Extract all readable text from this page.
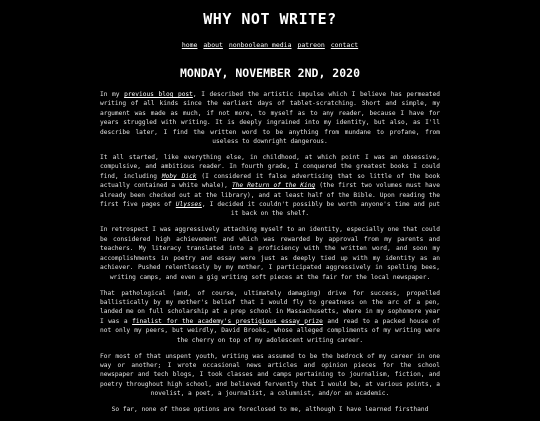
WHY NOT WRITE?
home about nonboolean media patreon contact
MONDAY, NOVEMBER 2ND, 2020

In my previous blog post, I described the artistic impulse which I believe has permeated writing of all kinds since the earliest days of tablet-scratching. Short and simple, my argument was made as much, if not more, to myself as to any reader, because I have for years struggled with writing. It is deeply ingrained into my identity, but also, as I'll describe later, I find the written word to be anything from mundane to profane, from useless to downright dangerous.

It all started, like everything else, in childhood, at which point I was an obsessive, compulsive, and ambitious reader. In fourth grade, I conquered the greatest books I could find, including Moby Dick (I considered it false advertising that so little of the book actually contained a white whale), The Return of the King (the first two volumes must have already been checked out at the library), and at least half of the Bible. Upon reading the first five pages of Ulysses, I decided it couldn't possibly be worth anyone's time and put it back on the shelf.

In retrospect I was aggressively attaching myself to an identity, especially one that could be considered high achievement and which was rewarded by approval from my parents and teachers. My literacy translated into a proficiency with the written word, and soon my accomplishments in poetry and essay were just as deeply tied up with my identity as an achiever. Pushed relentlessly by my mother, I participated aggressively in spelling bees, writing camps, and even a gig writing soft pieces at the fair for the local newspaper.

That pathological (and, of course, ultimately damaging) drive for success, propelled ballistically by my mother's belief that I would fly to greatness on the arc of a pen, landed me on full scholarship at a prep school in Massachusetts, where in my sophomore year I was a finalist for the academy's prestigious essay prize and read to a packed house of not only my peers, but weirdly, David Brooks, whose alleged compliments of my writing were the cherry on top of my adolescent writing career.

For most of that unspent youth, writing was assumed to be the bedrock of my career in one way or another; I wrote occasional news articles and opinion pieces for the school newspaper and tech blogs, I took classes and camps pertaining to journalism, fiction, and poetry throughout high school, and believed fervently that I would be, at various points, a novelist, a poet, a journalist, a columnist, and/or an academic.

So far, none of those options are foreclosed to me, although I have learned firsthand
